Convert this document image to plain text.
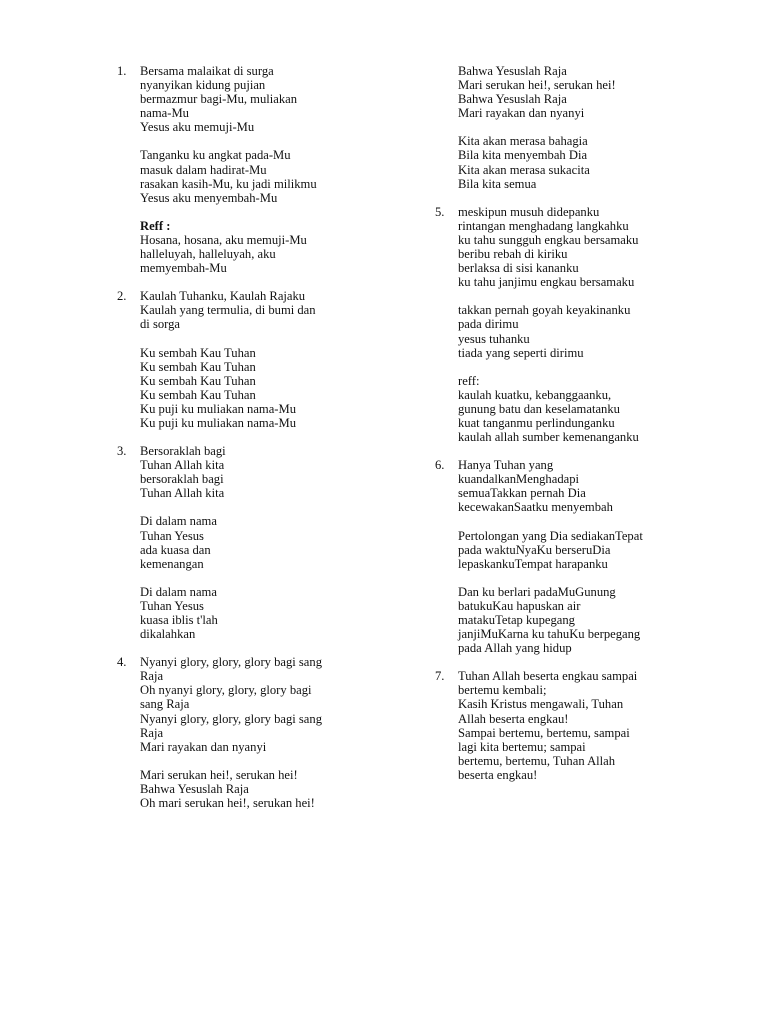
1. Bersama malaikat di surga
nyanyikan kidung pujian
bermazmur bagi-Mu, muliakan
nama-Mu
Yesus aku memuji-Mu
Tanganku ku angkat pada-Mu
masuk dalam hadirat-Mu
rasakan kasih-Mu, ku jadi milikmu
Yesus aku menyembah-Mu
Reff :
Hosana, hosana, aku memuji-Mu
halleluyah, halleluyah, aku
memyembah-Mu
2. Kaulah Tuhanku, Kaulah Rajaku
Kaulah yang termulia, di bumi dan
di sorga
Ku sembah Kau Tuhan
Ku sembah Kau Tuhan
Ku sembah Kau Tuhan
Ku sembah Kau Tuhan
Ku puji ku muliakan nama-Mu
Ku puji ku muliakan nama-Mu
3. Bersoraklah bagi
Tuhan Allah kita
bersoraklah bagi
Tuhan Allah kita
Di dalam nama
Tuhan Yesus
ada kuasa dan
kemenangan
Di dalam nama
Tuhan Yesus
kuasa iblis t'lah
dikalahkan
4. Nyanyi glory, glory, glory bagi sang
Raja
Oh nyanyi glory, glory, glory bagi
sang Raja
Nyanyi glory, glory, glory bagi sang
Raja
Mari rayakan dan nyanyi
Mari serukan hei!, serukan hei!
Bahwa Yesuslah Raja
Oh mari serukan hei!, serukan hei!
Bahwa Yesuslah Raja
Mari serukan hei!, serukan hei!
Bahwa Yesuslah Raja
Mari rayakan dan nyanyi
Kita akan merasa bahagia
Bila kita menyembah Dia
Kita akan merasa sukacita
Bila kita semua
5. meskipun musuh didepanku
rintangan menghadang langkahku
ku tahu sungguh engkau bersamaku
beribu rebah di kiriku
berlaksa di sisi kananku
ku tahu janjimu engkau bersamaku
takkan pernah goyah keyakinanku
pada dirimu
yesus tuhanku
tiada yang seperti dirimu
reff:
kaulah kuatku, kebanggaanku,
gunung batu dan keselamatanku
kuat tanganmu perlindunganku
kaulah allah sumber kemenanganku
6. Hanya Tuhan yang
kuandalkanMenghadapi
semuaTakkan pernah Dia
kecewakanSaatku menyembah
Pertolongan yang Dia sediakanTepat
pada waktuNyaKu berseruDia
lepaskankuTempat harapanku
Dan ku berlari padaMuGunung
batukuKau hapuskan air
matakuTetap kupegang
janjiMuKarna ku tahuKu berpegang
pada Allah yang hidup
7. Tuhan Allah beserta engkau sampai
bertemu kembali;
Kasih Kristus mengawali, Tuhan
Allah beserta engkau!
Sampai bertemu, bertemu, sampai
lagi kita bertemu; sampai
bertemu, bertemu, Tuhan Allah
beserta engkau!
